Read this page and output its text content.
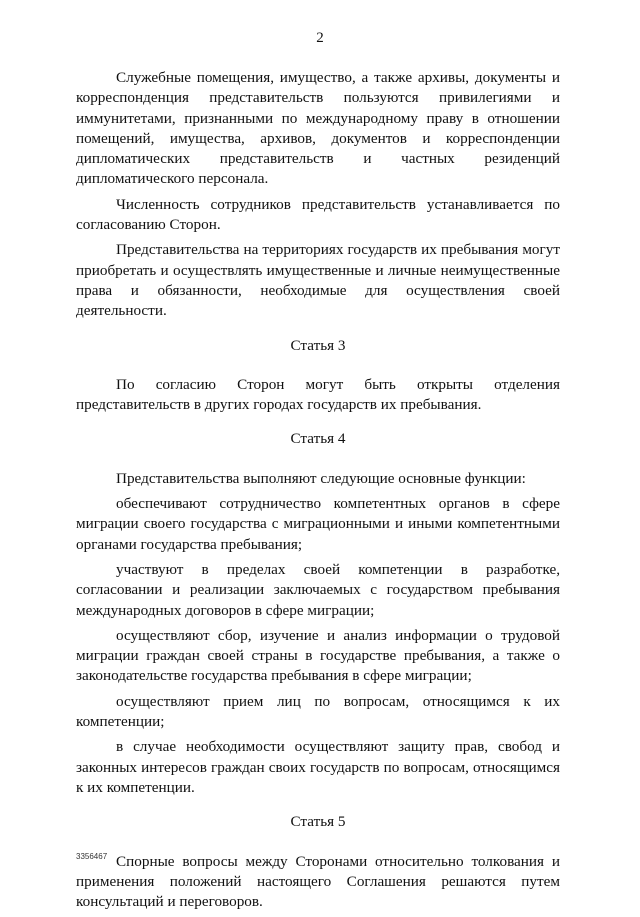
2

Служебные помещения, имущество, а также архивы, документы и корреспонденция представительств пользуются привилегиями и иммунитетами, признанными по международному праву в отношении помещений, имущества, архивов, документов и корреспонденции дипломатических представительств и частных резиденций дипломатического персонала.

Численность сотрудников представительств устанавливается по согласованию Сторон.

Представительства на территориях государств их пребывания могут приобретать и осуществлять имущественные и личные неимущественные права и обязанности, необходимые для осуществления своей деятельности.

Статья 3

По согласию Сторон могут быть открыты отделения представительств в других городах государств их пребывания.

Статья 4

Представительства выполняют следующие основные функции:

обеспечивают сотрудничество компетентных органов в сфере миграции своего государства с миграционными и иными компетентными органами государства пребывания;

участвуют в пределах своей компетенции в разработке, согласовании и реализации заключаемых с государством пребывания международных договоров в сфере миграции;

осуществляют сбор, изучение и анализ информации о трудовой миграции граждан своей страны в государстве пребывания, а также о законодательстве государства пребывания в сфере миграции;

осуществляют прием лиц по вопросам, относящимся к их компетенции;

в случае необходимости осуществляют защиту прав, свобод и законных интересов граждан своих государств по вопросам, относящимся к их компетенции.

Статья 5

Спорные вопросы между Сторонами относительно толкования и применения положений настоящего Соглашения решаются путем консультаций и переговоров.

3356467
